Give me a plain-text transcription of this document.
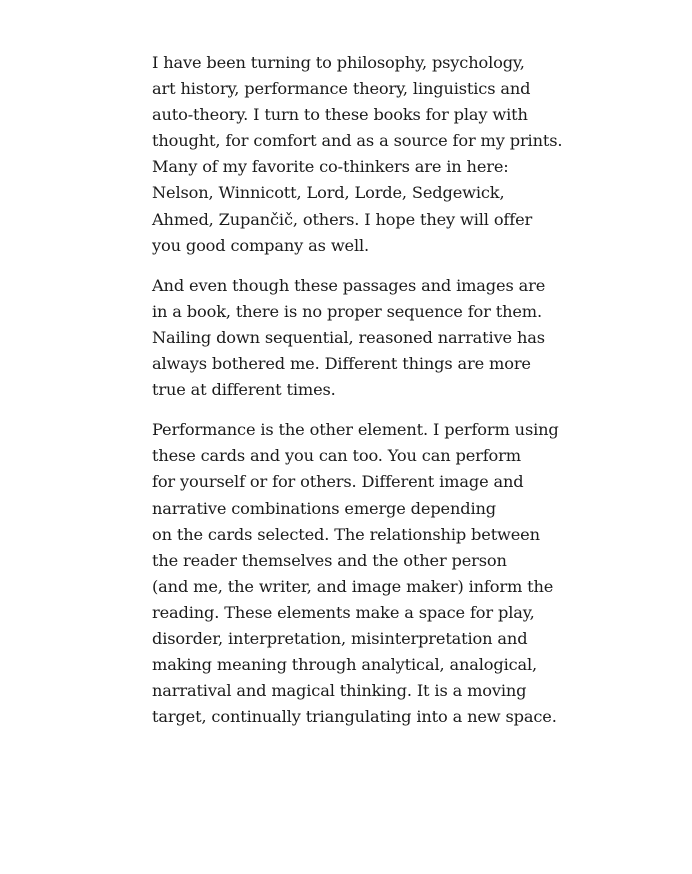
I have been turning to philosophy, psychology,
art history, performance theory, linguistics and
auto-theory. I turn to these books for play with
thought, for comfort and as a source for my prints.
Many of my favorite co-thinkers are in here:
Nelson, Winnicott, Lord, Lorde, Sedgewick,
Ahmed, Zupančič, others. I hope they will offer
you good company as well.

And even though these passages and images are
in a book, there is no proper sequence for them.
Nailing down sequential, reasoned narrative has
always bothered me. Different things are more
true at different times.

Performance is the other element. I perform using
these cards and you can too. You can perform
for yourself or for others. Different image and
narrative combinations emerge depending
on the cards selected. The relationship between
the reader themselves and the other person
(and me, the writer, and image maker) inform the
reading. These elements make a space for play,
disorder, interpretation, misinterpretation and
making meaning through analytical, analogical,
narratival and magical thinking. It is a moving
target, continually triangulating into a new space.
